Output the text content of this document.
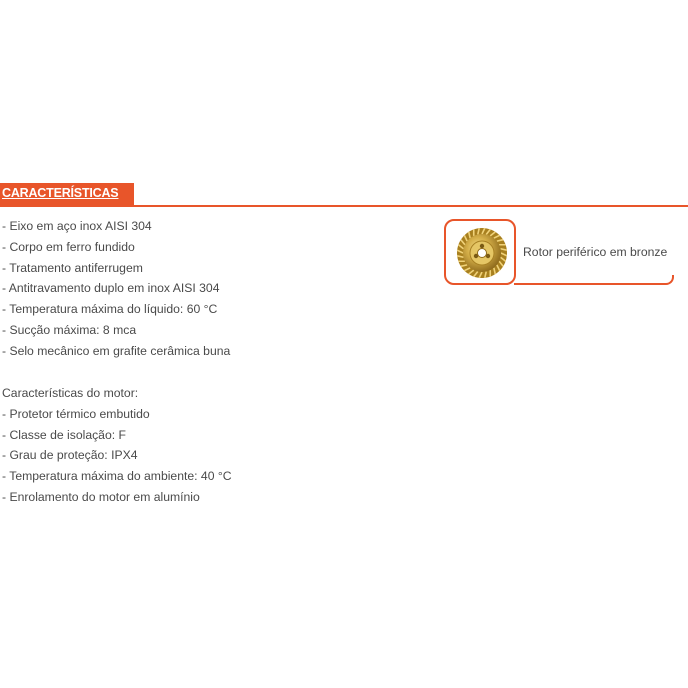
CARACTERÍSTICAS
- Eixo em aço inox AISI 304
- Corpo em ferro fundido
- Tratamento antiferrugem
- Antitravamento duplo em inox AISI 304
- Temperatura máxima do líquido: 60 °C
- Sucção máxima: 8 mca
- Selo mecânico em grafite cerâmica buna
Características do motor:
- Protetor térmico embutido
- Classe de isolação: F
- Grau de proteção: IPX4
- Temperatura máxima do ambiente: 40 °C
- Enrolamento do motor em alumínio
Rotor periférico em bronze
